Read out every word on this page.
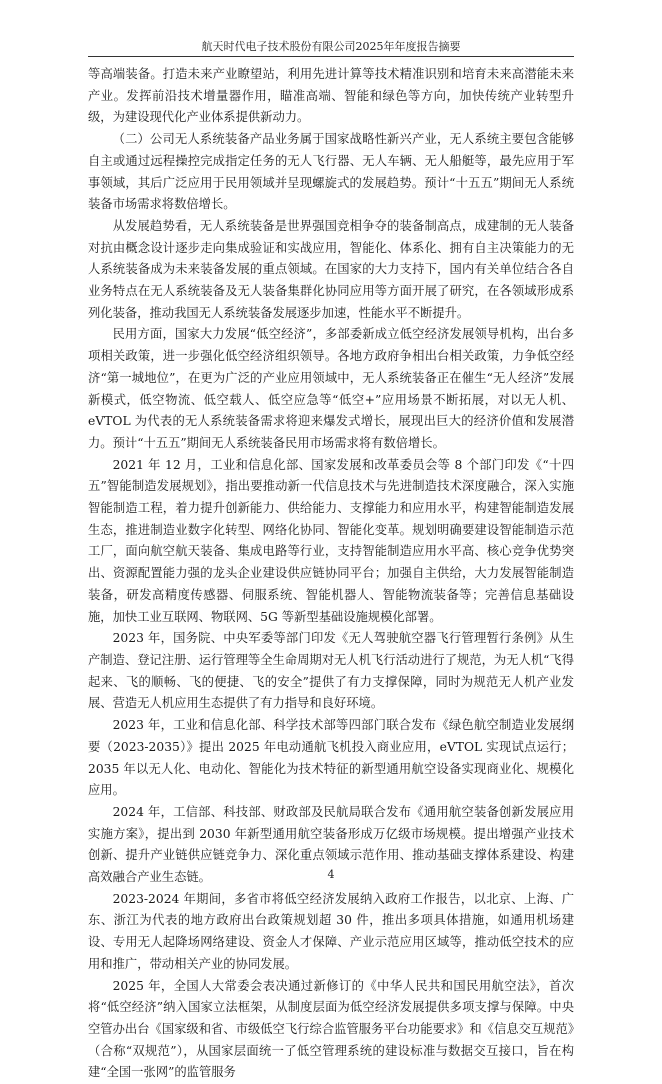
航天时代电子技术股份有限公司2025年年度报告摘要

等高端装备。打造未来产业瞭望站，利用先进计算等技术精准识别和培育未来高潜能未来产业。发挥前沿技术增量器作用，瞄准高端、智能和绿色等方向，加快传统产业转型升级，为建设现代化产业体系提供新动力。

（二）公司无人系统装备产品业务属于国家战略性新兴产业，无人系统主要包含能够自主或通过远程操控完成指定任务的无人飞行器、无人车辆、无人船艇等，最先应用于军事领域，其后广泛应用于民用领域并呈现螺旋式的发展趋势。预计“十五五”期间无人系统装备市场需求将数倍增长。

从发展趋势看，无人系统装备是世界强国竞相争夺的装备制高点，成建制的无人装备对抗由概念设计逐步走向集成验证和实战应用，智能化、体系化、拥有自主决策能力的无人系统装备成为未来装备发展的重点领域。在国家的大力支持下，国内有关单位结合各自业务特点在无人系统装备及无人装备集群化协同应用等方面开展了研究，在各领域形成系列化装备，推动我国无人系统装备发展逐步加速，性能水平不断提升。

民用方面，国家大力发展“低空经济”，多部委新成立低空经济发展领导机构，出台多项相关政策，进一步强化低空经济组织领导。各地方政府争相出台相关政策，力争低空经济“第一城地位”，在更为广泛的产业应用领域中，无人系统装备正在催生“无人经济”发展新模式，低空物流、低空载人、低空应急等“低空+”应用场景不断拓展，对以无人机、eVTOL 为代表的无人系统装备需求将迎来爆发式增长，展现出巨大的经济价值和发展潜力。预计“十五五”期间无人系统装备民用市场需求将有数倍增长。

2021 年 12 月，工业和信息化部、国家发展和改革委员会等 8 个部门印发《“十四五”智能制造发展规划》，指出要推动新一代信息技术与先进制造技术深度融合，深入实施智能制造工程，着力提升创新能力、供给能力、支撑能力和应用水平，构建智能制造发展生态，推进制造业数字化转型、网络化协同、智能化变革。规划明确要建设智能制造示范工厂，面向航空航天装备、集成电路等行业，支持智能制造应用水平高、核心竞争优势突出、资源配置能力强的龙头企业建设供应链协同平台；加强自主供给，大力发展智能制造装备，研发高精度传感器、伺服系统、智能机器人、智能物流装备等；完善信息基础设施，加快工业互联网、物联网、5G 等新型基础设施规模化部署。

2023 年，国务院、中央军委等部门印发《无人驾驶航空器飞行管理暂行条例》从生产制造、登记注册、运行管理等全生命周期对无人机飞行活动进行了规范，为无人机“飞得起来、飞的顺畅、飞的便捷、飞的安全”提供了有力支撑保障，同时为规范无人机产业发展、营造无人机应用生态提供了有力指导和良好环境。

2023 年，工业和信息化部、科学技术部等四部门联合发布《绿色航空制造业发展纲要（2023-2035）》提出 2025 年电动通航飞机投入商业应用，eVTOL 实现试点运行；2035 年以无人化、电动化、智能化为技术特征的新型通用航空设备实现商业化、规模化应用。

2024 年，工信部、科技部、财政部及民航局联合发布《通用航空装备创新发展应用实施方案》，提出到 2030 年新型通用航空装备形成万亿级市场规模。提出增强产业技术创新、提升产业链供应链竞争力、深化重点领域示范作用、推动基础支撑体系建设、构建高效融合产业生态链。

2023-2024 年期间，多省市将低空经济发展纳入政府工作报告，以北京、上海、广东、浙江为代表的地方政府出台政策规划超 30 件，推出多项具体措施，如通用机场建设、专用无人起降场网络建设、资金人才保障、产业示范应用区域等，推动低空技术的应用和推广，带动相关产业的协同发展。

2025 年，全国人大常委会表决通过新修订的《中华人民共和国民用航空法》，首次将“低空经济”纳入国家立法框架，从制度层面为低空经济发展提供多项支撑与保障。中央空管办出台《国家级和省、市级低空飞行综合监管服务平台功能要求》和《信息交互规范》（合称“双规范”），从国家层面统一了低空管理系统的建设标准与数据交互接口，旨在构建“全国一张网”的监管服务

4
